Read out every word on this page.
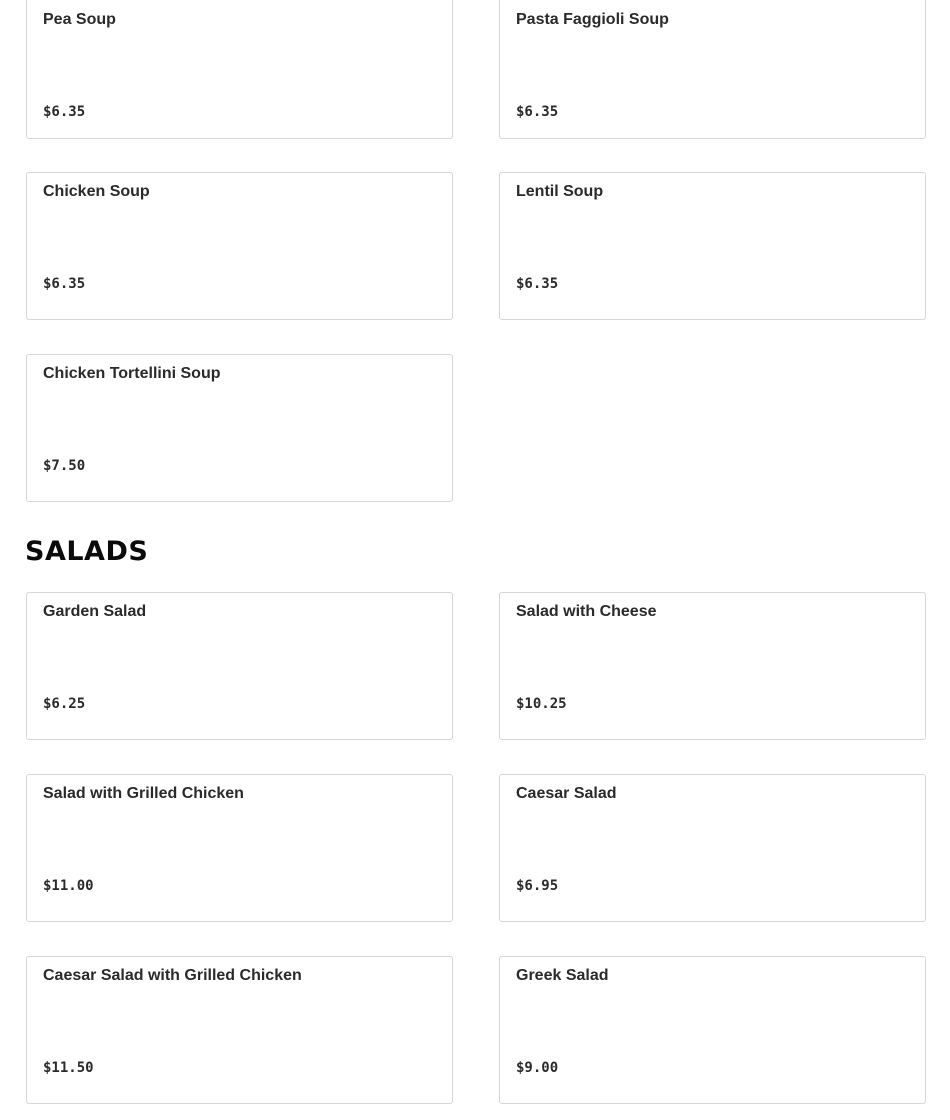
Pea Soup
$6.35
Pasta Faggioli Soup
$6.35
Chicken Soup
$6.35
Lentil Soup
$6.35
Chicken Tortellini Soup
$7.50
SALADS
Garden Salad
$6.25
Salad with Cheese
$10.25
Salad with Grilled Chicken
$11.00
Caesar Salad
$6.95
Caesar Salad with Grilled Chicken
$11.50
Greek Salad
$9.00
